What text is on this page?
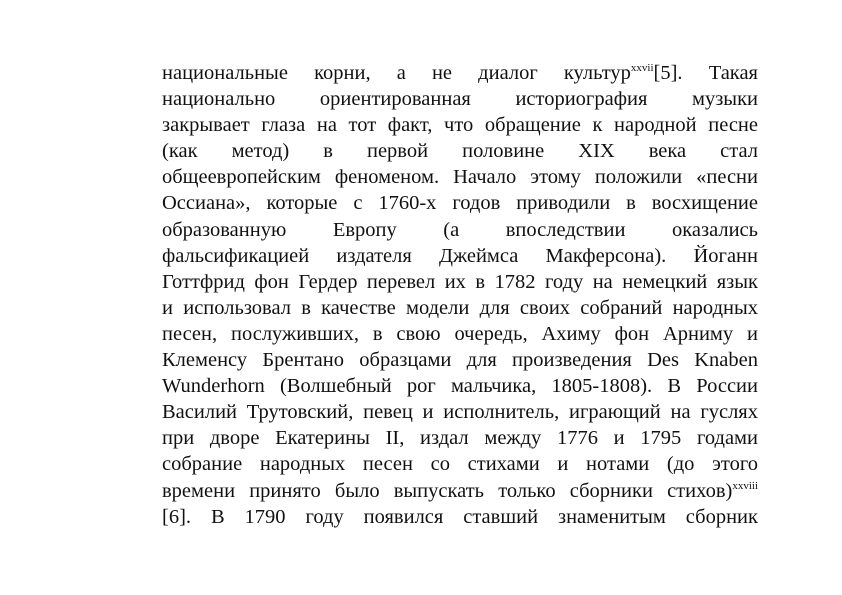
национальные корни, а не диалог культур$^{xxvii}$[5]. Такая
национально ориентированная историография музыки
закрывает глаза на тот факт, что обращение к народной песне
(как метод) в первой половине XIX века стал
общеевропейским феноменом. Начало этому положили «песни
Оссиана», которые с 1760-х годов приводили в восхищение
образованную Европу (а впоследствии оказались
фальсификацией издателя Джеймса Макферсона). Йоганн
Готтфрид фон Гердер перевел их в 1782 году на немецкий язык
и использовал в качестве модели для своих собраний народных
песен, послуживших, в свою очередь, Ахиму фон Арниму и
Клеменсу Брентано образцами для произведения Des Knaben
Wunderhorn (Волшебный рог мальчика, 1805-1808). В России
Василий Трутовский, певец и исполнитель, играющий на гуслях
при дворе Екатерины II, издал между 1776 и 1795 годами
собрание народных песен со стихами и нотами (до этого
времени принято было выпускать только сборники стихов)$^{xxviii}$
[6]. В 1790 году появился ставший знаменитым сборник
